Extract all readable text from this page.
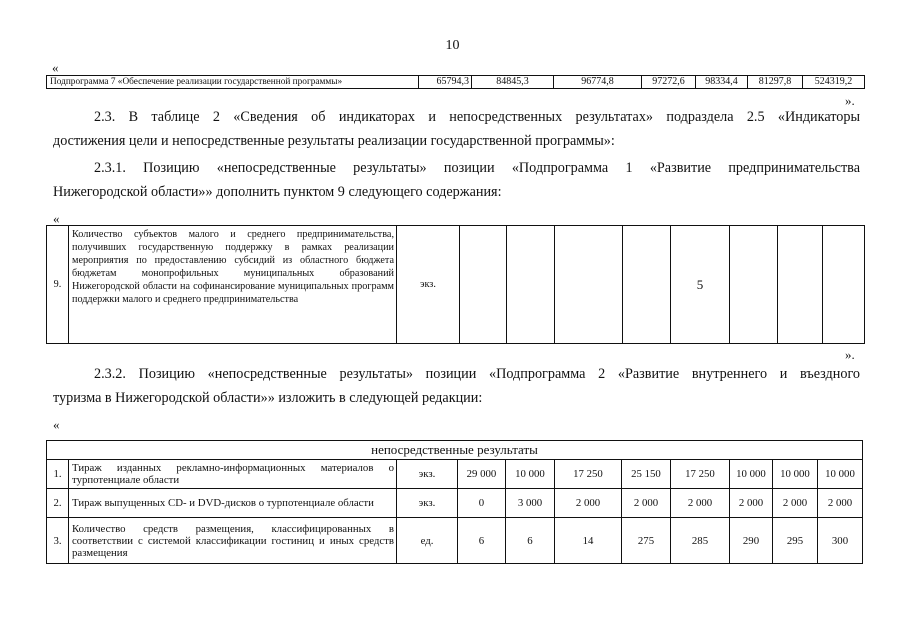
10
«
Подпрограмма 7 «Обеспечение реализации государственной программы»	65794,3	84845,3	96774,8	97272,6	98334,4	81297,8	524319,2
».
2.3. В таблице 2 «Сведения об индикаторах и непосредственных результатах» подраздела 2.5 «Индикаторы
достижения цели и непосредственные результаты реализации государственной программы»:
2.3.1. Позицию «непосредственные результаты» позиции «Подпрограмма 1 «Развитие предпринимательства
Нижегородской области»» дополнить пунктом 9 следующего содержания:
«
9.	Количество субъектов малого и среднего предпринимательства, получивших государственную поддержку в рамках реализации мероприятия по предоставлению субсидий из областного бюджета бюджетам монопрофильных муниципальных образований Нижегородской области на софинансирование муниципальных программ поддержки малого и среднего предпринимательства	экз.					5			
».
2.3.2. Позицию «непосредственные результаты» позиции «Подпрограмма 2 «Развитие внутреннего и въездного
туризма в Нижегородской области»» изложить в следующей редакции:
«
непосредственные результаты										
1.	Тираж изданных рекламно-информационных материалов о турпотенциале области	экз.	29 000	10 000	17 250	25 150	17 250	10 000	10 000	10 000
2.	Тираж выпущенных CD- и DVD-дисков о турпотенциале области	экз.	0	3 000	2 000	2 000	2 000	2 000	2 000	2 000
3.	Количество средств размещения, классифицированных в соответствии с системой классификации гостиниц и иных средств размещения	ед.	6	6	14	275	285	290	295	300
